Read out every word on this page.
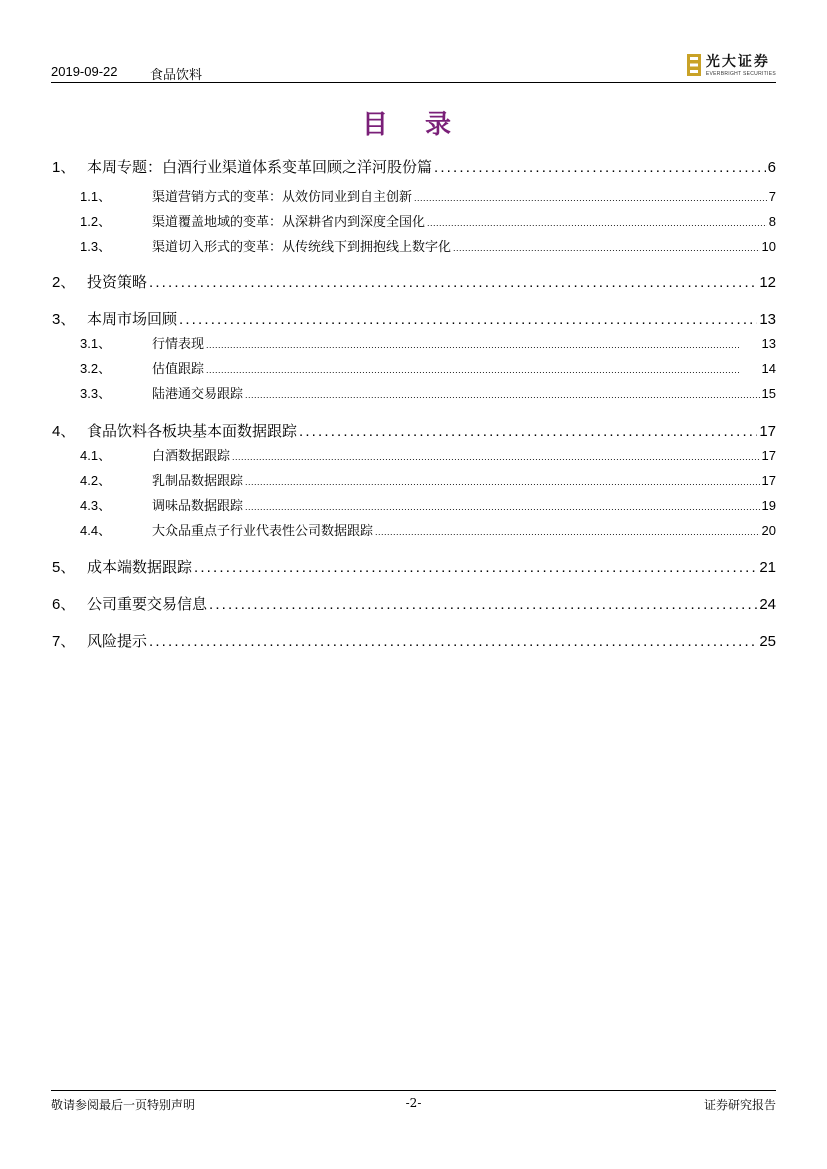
2019-09-22	食品饮料
光大证券
EVERBRIGHT SECURITIES
目 录
1、 本周专题：白酒行业渠道体系变革回顾之洋河股份篇 . . .	6
1.1、	渠道营销方式的变革：从效仿同业到自主创新 . . .	7
1.2、	渠道覆盖地域的变革：从深耕省内到深度全国化 . . .	8
1.3、	渠道切入形式的变革：从传统线下到拥抱线上数字化 . . .	10
2、 投资策略 . . .	12
3、 本周市场回顾 . . .	13
3.1、	行情表现 . . .	13
3.2、	估值跟踪 . . .	14
3.3、	陆港通交易跟踪 . . .	15
4、 食品饮料各板块基本面数据跟踪 . . .	17
4.1、	白酒数据跟踪 . . .	17
4.2、	乳制品数据跟踪 . . .	17
4.3、	调味品数据跟踪 . . .	19
4.4、	大众品重点子行业代表性公司数据跟踪 . . .	20
5、 成本端数据跟踪 . . .	21
6、 公司重要交易信息 . . .	24
7、 风险提示 . . .	25
敬请参阅最后一页特别声明	-2-	证券研究报告
